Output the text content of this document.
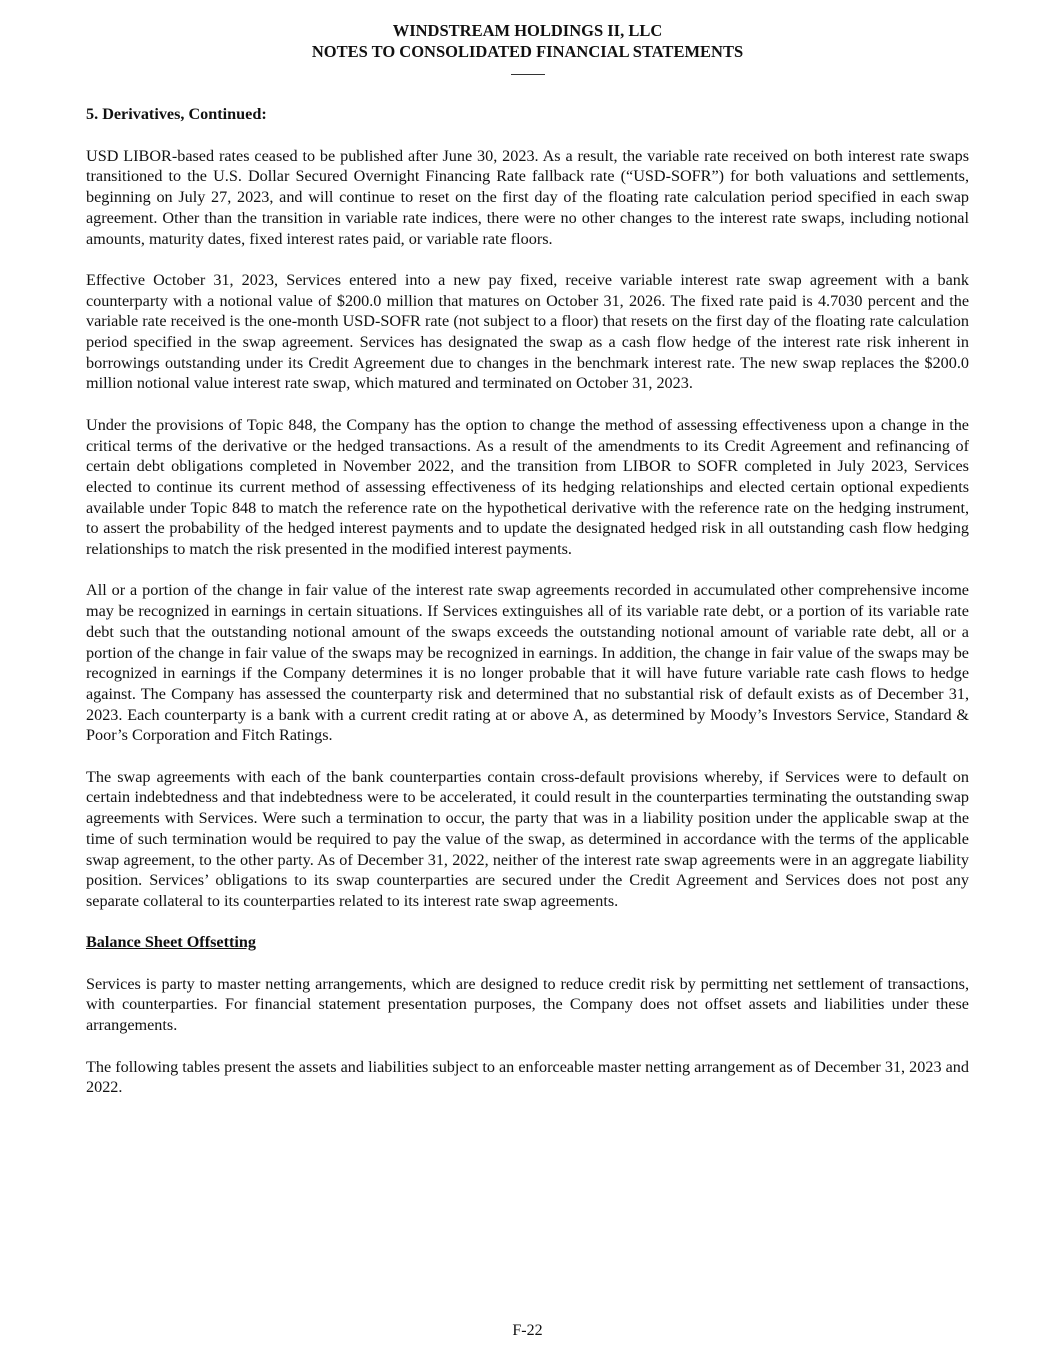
WINDSTREAM HOLDINGS II, LLC
NOTES TO CONSOLIDATED FINANCIAL STATEMENTS
5. Derivatives, Continued:

USD LIBOR-based rates ceased to be published after June 30, 2023. As a result, the variable rate received on both interest rate swaps transitioned to the U.S. Dollar Secured Overnight Financing Rate fallback rate (“USD-SOFR”) for both valuations and settlements, beginning on July 27, 2023, and will continue to reset on the first day of the floating rate calculation period specified in each swap agreement. Other than the transition in variable rate indices, there were no other changes to the interest rate swaps, including notional amounts, maturity dates, fixed interest rates paid, or variable rate floors.

Effective October 31, 2023, Services entered into a new pay fixed, receive variable interest rate swap agreement with a bank counterparty with a notional value of $200.0 million that matures on October 31, 2026. The fixed rate paid is 4.7030 percent and the variable rate received is the one-month USD-SOFR rate (not subject to a floor) that resets on the first day of the floating rate calculation period specified in the swap agreement. Services has designated the swap as a cash flow hedge of the interest rate risk inherent in borrowings outstanding under its Credit Agreement due to changes in the benchmark interest rate. The new swap replaces the $200.0 million notional value interest rate swap, which matured and terminated on October 31, 2023.

Under the provisions of Topic 848, the Company has the option to change the method of assessing effectiveness upon a change in the critical terms of the derivative or the hedged transactions. As a result of the amendments to its Credit Agreement and refinancing of certain debt obligations completed in November 2022, and the transition from LIBOR to SOFR completed in July 2023, Services elected to continue its current method of assessing effectiveness of its hedging relationships and elected certain optional expedients available under Topic 848 to match the reference rate on the hypothetical derivative with the reference rate on the hedging instrument, to assert the probability of the hedged interest payments and to update the designated hedged risk in all outstanding cash flow hedging relationships to match the risk presented in the modified interest payments.

All or a portion of the change in fair value of the interest rate swap agreements recorded in accumulated other comprehensive income may be recognized in earnings in certain situations. If Services extinguishes all of its variable rate debt, or a portion of its variable rate debt such that the outstanding notional amount of the swaps exceeds the outstanding notional amount of variable rate debt, all or a portion of the change in fair value of the swaps may be recognized in earnings. In addition, the change in fair value of the swaps may be recognized in earnings if the Company determines it is no longer probable that it will have future variable rate cash flows to hedge against. The Company has assessed the counterparty risk and determined that no substantial risk of default exists as of December 31, 2023. Each counterparty is a bank with a current credit rating at or above A, as determined by Moody’s Investors Service, Standard & Poor’s Corporation and Fitch Ratings.

The swap agreements with each of the bank counterparties contain cross-default provisions whereby, if Services were to default on certain indebtedness and that indebtedness were to be accelerated, it could result in the counterparties terminating the outstanding swap agreements with Services. Were such a termination to occur, the party that was in a liability position under the applicable swap at the time of such termination would be required to pay the value of the swap, as determined in accordance with the terms of the applicable swap agreement, to the other party. As of December 31, 2022, neither of the interest rate swap agreements were in an aggregate liability position. Services’ obligations to its swap counterparties are secured under the Credit Agreement and Services does not post any separate collateral to its counterparties related to its interest rate swap agreements.

Balance Sheet Offsetting

Services is party to master netting arrangements, which are designed to reduce credit risk by permitting net settlement of transactions, with counterparties. For financial statement presentation purposes, the Company does not offset assets and liabilities under these arrangements.

The following tables present the assets and liabilities subject to an enforceable master netting arrangement as of December 31, 2023 and 2022.

F-22
